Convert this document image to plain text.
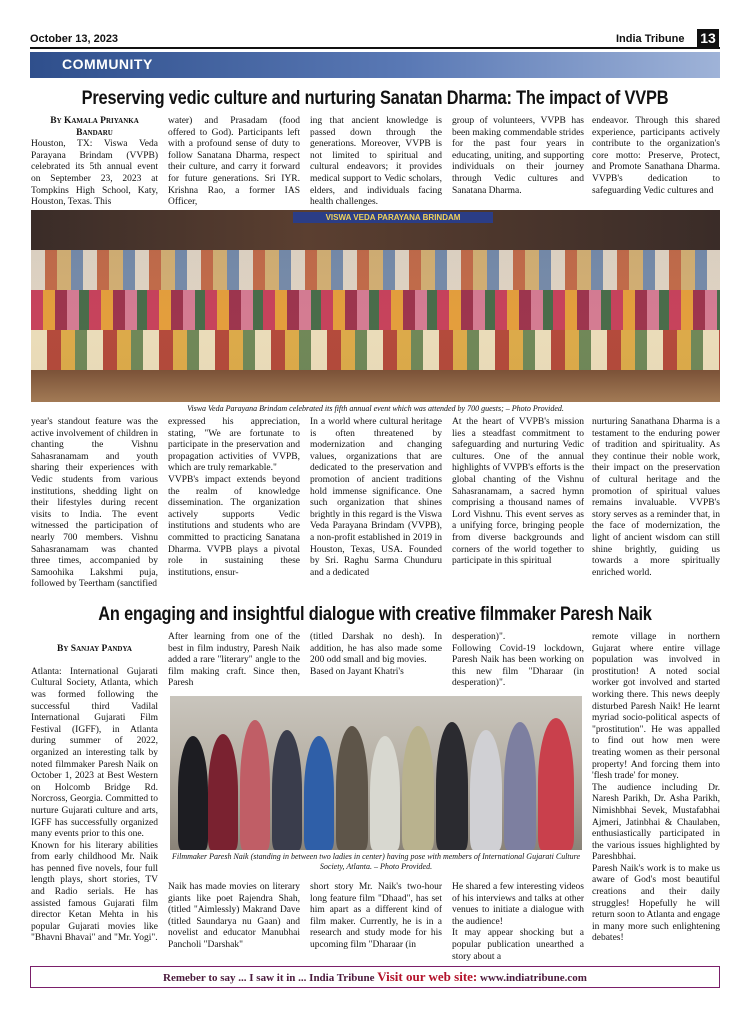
October 13, 2023	India Tribune 13
COMMUNITY
Preserving vedic culture and nurturing Sanatan Dharma: The impact of VVPB
By Kamala Priyanka Bandaru

Houston, TX: Viswa Veda Parayana Brindam (VVPB) celebrated its 5th annual event on September 23, 2023 at Tompkins High School, Katy, Houston, Texas. This

water) and Prasadam (food offered to God). Participants left with a profound sense of duty to follow Sanatana Dharma, respect their culture, and carry it forward for future generations. Sri IYR. Krishna Rao, a former IAS Officer,

ing that ancient knowledge is passed down through the generations. Moreover, VVPB is not limited to spiritual and cultural endeavors; it provides medical support to Vedic scholars, elders, and individuals facing health challenges.

group of volunteers, VVPB has been making commendable strides for the past four years in educating, uniting, and supporting individuals on their journey through Vedic cultures and Sanatana Dharma.

endeavor. Through this shared experience, participants actively contribute to the organization's core motto: Preserve, Protect, and Promote Sanathana Dharma. VVPB's dedication to safeguarding Vedic cultures and

VISWA VEDA PARAYANA BRINDAM
Viswa Veda Parayana Brindam celebrated its fifth annual event which was attended by 700 guests; – Photo Provided.

year's standout feature was the active involvement of children in chanting the Vishnu Sahasranamam and youth sharing their experiences with Vedic students from various institutions, shedding light on their lifestyles during recent visits to India. The event witnessed the participation of nearly 700 members. Vishnu Sahasranamam was chanted three times, accompanied by Samoohika Lakshmi puja, followed by Teertham (sanctified

expressed his appreciation, stating, "We are fortunate to participate in the preservation and propagation activities of VVPB, which are truly remarkable."
VVPB's impact extends beyond the realm of knowledge dissemination. The organization actively supports Vedic institutions and students who are committed to practicing Sanatana Dharma. VVPB plays a pivotal role in sustaining these institutions, ensur-

In a world where cultural heritage is often threatened by modernization and changing values, organizations that are dedicated to the preservation and promotion of ancient traditions hold immense significance. One such organization that shines brightly in this regard is the Viswa Veda Parayana Brindam (VVPB), a non-profit established in 2019 in Houston, Texas, USA. Founded by Sri. Raghu Sarma Chunduru and a dedicated

At the heart of VVPB's mission lies a steadfast commitment to safeguarding and nurturing Vedic cultures. One of the annual highlights of VVPB's efforts is the global chanting of the Vishnu Sahasranamam, a sacred hymn comprising a thousand names of Lord Vishnu. This event serves as a unifying force, bringing people from diverse backgrounds and corners of the world together to participate in this spiritual

nurturing Sanathana Dharma is a testament to the enduring power of tradition and spirituality. As they continue their noble work, their impact on the preservation of cultural heritage and the promotion of spiritual values remains invaluable. VVPB's story serves as a reminder that, in the face of modernization, the light of ancient wisdom can still shine brightly, guiding us towards a more spiritually enriched world.

An engaging and insightful dialogue with creative filmmaker Paresh Naik

By Sanjay Pandya

Atlanta: International Gujarati Cultural Society, Atlanta, which was formed following the successful third Vadilal International Gujarati Film Festival (IGFF), in Atlanta during summer of 2022, organized an interesting talk by noted filmmaker Paresh Naik on October 1, 2023 at Best Western on Holcomb Bridge Rd. Norcross, Georgia. Committed to nurture Gujarati culture and arts, IGFF has successfully organized many events prior to this one.
Known for his literary abilities from early childhood Mr. Naik has penned five novels, four full length plays, short stories, TV and Radio serials. He has assisted famous Gujarati film director Ketan Mehta in his popular Gujarati movies like "Bhavni Bhavai" and "Mr. Yogi".

After learning from one of the best in film industry, Paresh Naik added a rare "literary" angle to the film making craft. Since then, Paresh

(titled Darshak no desh). In addition, he has also made some 200 odd small and big movies.
Based on Jayant Khatri's

desperation)".
Following Covid-19 lockdown, Paresh Naik has been working on this new film "Dharaar (in desperation)".

remote village in northern Gujarat where entire village population was involved in prostitution! A noted social worker got involved and started working there. This news deeply disturbed Paresh Naik! He learnt myriad socio-political aspects of "prostitution". He was appalled to find out how men were treating women as their personal property! And forcing them into 'flesh trade' for money.
The audience including Dr. Naresh Parikh, Dr. Asha Parikh, Nimishbhai Sevek, Mustafabhai Ajmeri, Jatinbhai & Chaulaben, enthusiastically participated in the various issues highlighted by Pareshbhai.
Paresh Naik's work is to make us aware of God's most beautiful creations and their daily struggles! Hopefully he will return soon to Atlanta and engage in many more such enlightening debates!

Filmmaker Paresh Naik (standing in between two ladies in center) having pose with members of International Gujarati Culture Society, Atlanta. – Photo Provided.

Naik has made movies on literary giants like poet Rajendra Shah, (titled "Aimlessly) Makrand Dave (titled Saundarya nu Gaan) and novelist and educator Manubhai Pancholi "Darshak"

short story Mr. Naik's two-hour long feature film "Dhaad", has set him apart as a different kind of film maker. Currently, he is in a research and study mode for his upcoming film "Dharaar (in

He shared a few interesting videos of his interviews and talks at other venues to initiate a dialogue with the audience!
It may appear shocking but a popular publication unearthed a story about a

Remeber to say ... I saw it in ... India Tribune Visit our web site: www.indiatribune.com
